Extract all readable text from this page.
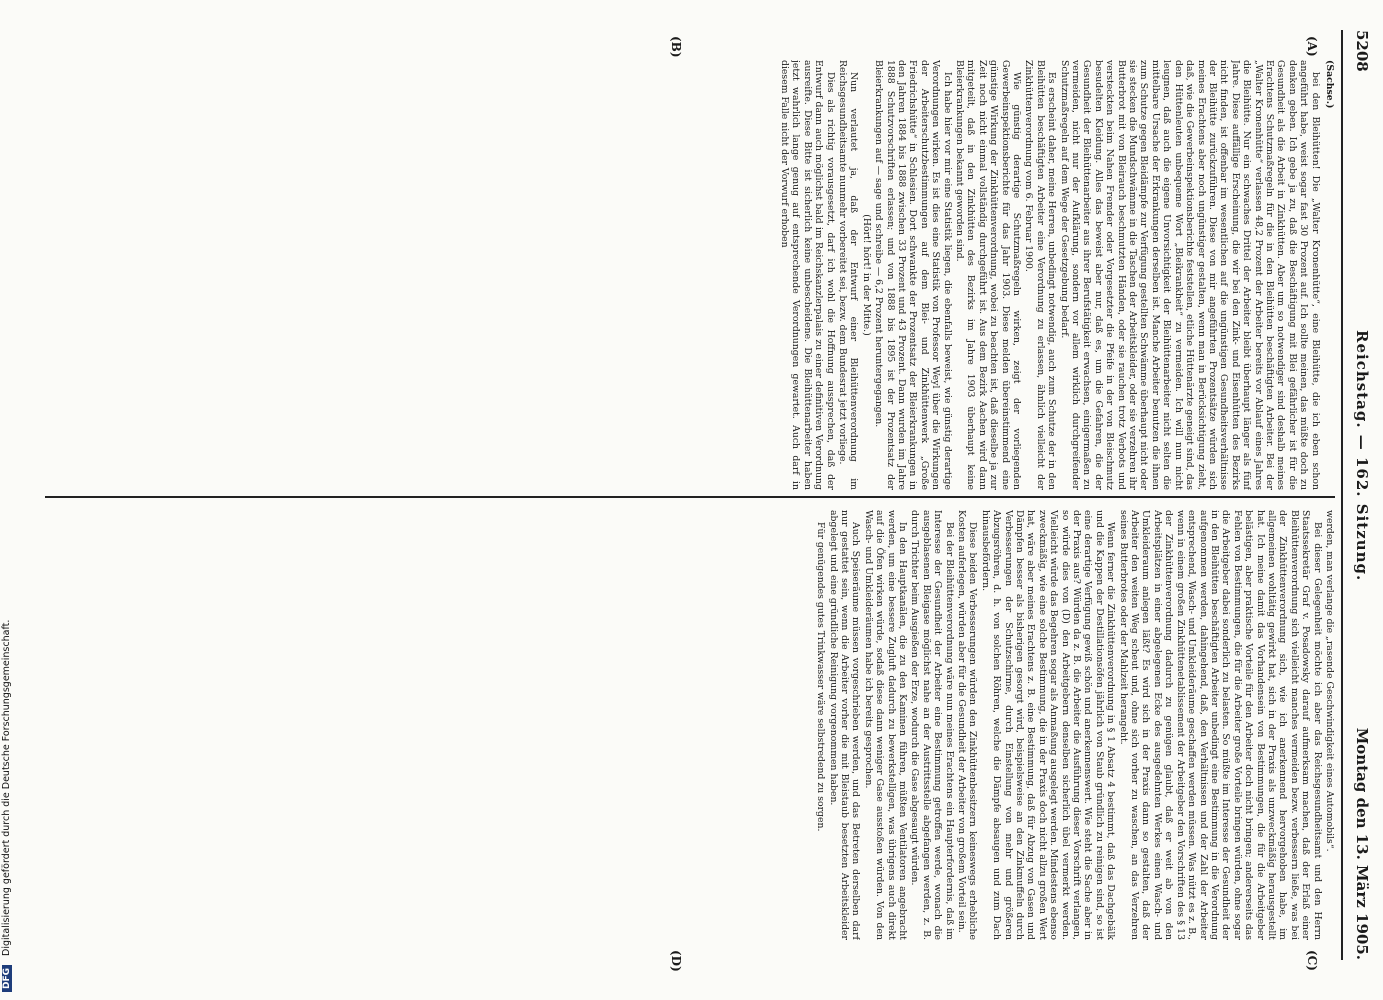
5208
Reichstag. — 162. Sitzung.
Montag den 13. März 1905.
(A)
(B)
(C)
(D)
(Sachse.)

bei den Bleihütten! Die „Walter Kronenhütte“, eine Bleihütte, die ich eben schon angeführt habe, weist sogar fast 30 Prozent auf. Ich sollte meinen, das müßte doch zu denken geben. Ich gebe ja zu, daß die Beschäftigung mit Blei gefährlicher ist für die Gesundheit als die Arbeit in Zinkhütten. Aber um so notwendiger sind deshalb meines Erachtens Schutzmaßregeln für die in den Bleihütten beschäftigten Arbeiter. Bei der „Walter Kronenhütte“ verlassen 48,2 Prozent der Arbeiter bereits vor Ablauf eines Jahres die Bleihütte. Nur ein schwaches Drittel der Arbeiter bleibt überhaupt länger als fünf Jahre. Diese auffällige Erscheinung, die wir bei den Zink- und Eisenhütten des Bezirks nicht finden, ist offenbar im wesentlichen auf die ungünstigen Gesundheitsverhältnisse der Bleihütte zurückzuführen. Diese von mir angeführten Prozentsätze würden sich meines Erachtens aber noch ungünstiger gestalten, wenn man in Berücksichtigung zieht, daß, wie die Gewerbeinspektionsberichte feststellen, etliche Hüttenärzte geneigt sind, das den Hüttenleuten unbequeme Wort „Bleikrankheit“ zu vermeiden. Ich will nun nicht leugnen, daß auch die eigene Unvorsichtigkeit der Bleihüttenarbeiter nicht selten die mittelbare Ursache der Erkrankungen derselben ist. Manche Arbeiter benutzen die ihnen zum Schutze gegen Bleidämpfe zur Verfügung gestellten Schwämme überhaupt nicht oder sie stecken die Mundschwämme in die Taschen der Arbeitskleider, oder sie verzehren ihr Butterbrot mit von Bleirauch beschmutzten Händen, oder sie rauchen trotz Verbots und versteckten beim Nahen Fremder oder Vorgesetzter die Pfeife in der von Bleischmutz besudelten Kleidung. Alles das beweist aber nur, daß es, um die Gefahren, die der Gesundheit der Bleihüttenarbeiter aus ihrer Berufstätigkeit erwachsen, einigermaßen zu vermeiden, nicht nur der Aufklärung, sondern vor allem wirklich durchgreifender Schutzmaßregeln auf dem Wege der Gesetzgebung bedarf.

Es erscheint daher, meine Herren, unbedingt notwendig, auch zum Schutze der in den Bleihütten beschäftigten Arbeiter eine Verordnung zu erlassen, ähnlich vielleicht der Zinkhüttenverordnung vom 6. Februar 1900.

Wie günstig derartige Schutzmaßregeln wirken, zeigt der vorliegenden Gewerbeinspektionsberichte für das Jahr 1903. Diese melden übereinstimmend eine günstige Wirkung der Zinkhüttenverordnung, wobei zu beachten ist, daß dieselbe ja zur Zeit noch nicht einmal vollständig durchgeführt ist. Aus dem Bezirk Aachen wird dann mitgeteilt, daß in den Zinkhütten des Bezirks im Jahre 1903 überhaupt keine Bleierkrankungen bekannt geworden sind.

Ich habe hier vor mir eine Statistik liegen, die ebenfalls beweist, wie günstig derartige Verordnungen wirken. Es ist dies eine Statistik von Professor Weyl über die Wirkungen der Arbeiterschutzbestimmungen auf dem Blei- und Zinkhüttenwerk „Große Friedrichshütte“ in Schlesien. Dort schwankte der Prozentsatz der Bleierkrankungen in den Jahren 1884 bis 1888 zwischen 33 Prozent und 43 Prozent. Dann wurden im Jahre 1888 Schutzvorschriften erlassen; und von 1888 bis 1895 ist der Prozentsatz der Bleierkrankungen auf — sage und schreibe — 6,2 Prozent heruntergegangen.

(Hört! hört! in der Mitte.)

Nun verlautet ja, daß der Entwurf einer Bleihüttenverordnung im Reichsgesundheitsamte nunmehr vorbereitet sei, bezw. dem Bundesrat jetzt vorliege.

Dies als richtig vorausgesetzt, darf ich wohl die Hoffnung aussprechen, daß der Entwurf dann auch möglichst bald im Reichskanzlerpalais zu einer definitiven Verordnung ausreifte. Diese Bitte ist sicherlich keine unbescheidene. Die Bleihüttenarbeiter haben jetzt wahrlich lange genug auf entsprechende Verordnungen gewartet. Auch darf in diesem Falle nicht der Vorwurf erhoben

werden, man verlange die „rasende Geschwindigkeit eines Automobils“.

Bei dieser Gelegenheit möchte ich aber das Reichsgesundheitsamt und den Herrn Staatssekretär Graf v. Posadowsky darauf aufmerksam machen, daß der Erlaß einer Bleihüttenverordnung sich vielleicht manches vermeiden bezw. verbessern ließe, was bei der Zinkhüttenverordnung sich, wie ich anerkennend hervorgehoben habe, im allgemeinen wohltätig gewirkt hat, sich in der Praxis als unzweckmäßig herausgestellt hat. Ich meine damit das Vorhandensein von Bestimmungen, die für die Arbeitgeber belästigen, aber praktische Vorteile für den Arbeiter doch nicht bringen; andererseits das Fehlen von Bestimmungen, die für die Arbeiter große Vorteile bringen würden, ohne sogar die Arbeitgeber dabei sonderlich zu belasten. So müßte im Interesse der Gesundheit der in den Bleihütten beschäftigten Arbeiter unbedingt eine Bestimmung in die Verordnung aufgenommen werden, dahingehend, daß, den Verhältnissen und der Zahl der Arbeiter entsprechend, Wasch- und Umkleideräume geschaffen werden müssen. Was nützt es z. B., wenn in einem großen Zinkhüttenetablissement der Arbeitgeber den Vorschriften des § 13 der Zinkhüttenverordnung dadurch zu genügen glaubt, daß er weit ab von den Arbeitsplätzen in einer abgelegenen Ecke des ausgedehnten Werkes einen Wasch- und Umkleideraum anlegen läßt? Es wird sich in der Praxis dann so gestalten, daß der Arbeiter den weiten Weg scheut und, ohne sich vorher zu waschen, an das Verzehren seines Butterbrotes oder der Mahlzeit herangeht.

Wenn ferner die Zinkhüttenverordnung in § 1 Absatz 4 bestimmt, daß das Dachgebälk und die Kappen der Destillationsöfen jährlich von Staub gründlich zu reinigen sind, so ist eine derartige Verfügung gewiß schön und anerkennenswert. Wie steht die Sache aber in der Praxis aus? Würden da z. B. die Arbeiter die Ausführung dieser Vorschrift verlangen, so würde dies von (D) den Arbeitgebern denselben sicherlich übel vermerkt werden. Vielleicht würde das Begehren sogar als Anmaßung ausgelegt werden. Mindestens ebenso zweckmäßig, wie eine solche Bestimmung, die in der Praxis doch nicht allzu großen Wert hat, wäre aber meines Erachtens z. B. eine Bestimmung, daß für Abzug von Gasen und Dämpfen besser als bisherigen gesorgt wird, beispielsweise an den Zinkmuffeln durch Verbesserungen der Schutzschirme, durch Einstellung von mehr und größeren Abzugsröhren, d. h. von solchen Röhren, welche die Dämpfe absaugen und zum Dach hinausbefördern.

Diese beiden Verbesserungen würden den Zinkhüttenbesitzern keineswegs erhebliche Kosten auferlegen, würden aber für die Gesundheit der Arbeiter von großem Vorteil sein.

Bei der Bleihüttenverordnung wäre nun meines Erachtens ein Haupterfordernis, daß im Interesse der Gesundheit der Arbeiter eine Bestimmung getroffen werde, wonach die ausgeblasenen Bleigase möglichst nahe an der Austrittsstelle abgefangen werden, z. B. durch Trichter beim Ausgießen der Erze, wodurch die Gase abgesaugt würden.

In den Hauptkanälen, die zu den Kaminen führen, müßten Ventilatoren angebracht werden, um eine bessere Zugluft dadurch zu bewerkstelligen, was übrigens auch direkt auf die Öfen wirken würde, sodaß diese dann weniger Gase ausstoßen würden. Von den Wasch- und Umkleideräumen habe ich bereits gesprochen.

Auch Speiseräume müssen vorgeschrieben werden, und das Betreten derselben darf nur gestattet sein, wenn die Arbeiter vorher die mit Bleistaub besetzten Arbeitskleider abgelegt und eine gründliche Reinigung vorgenommen haben.

Für genügendes gutes Trinkwasser wäre selbstredend zu sorgen.

DFG Digitalisierung gefördert durch die Deutsche Forschungsgemeinschaft.
